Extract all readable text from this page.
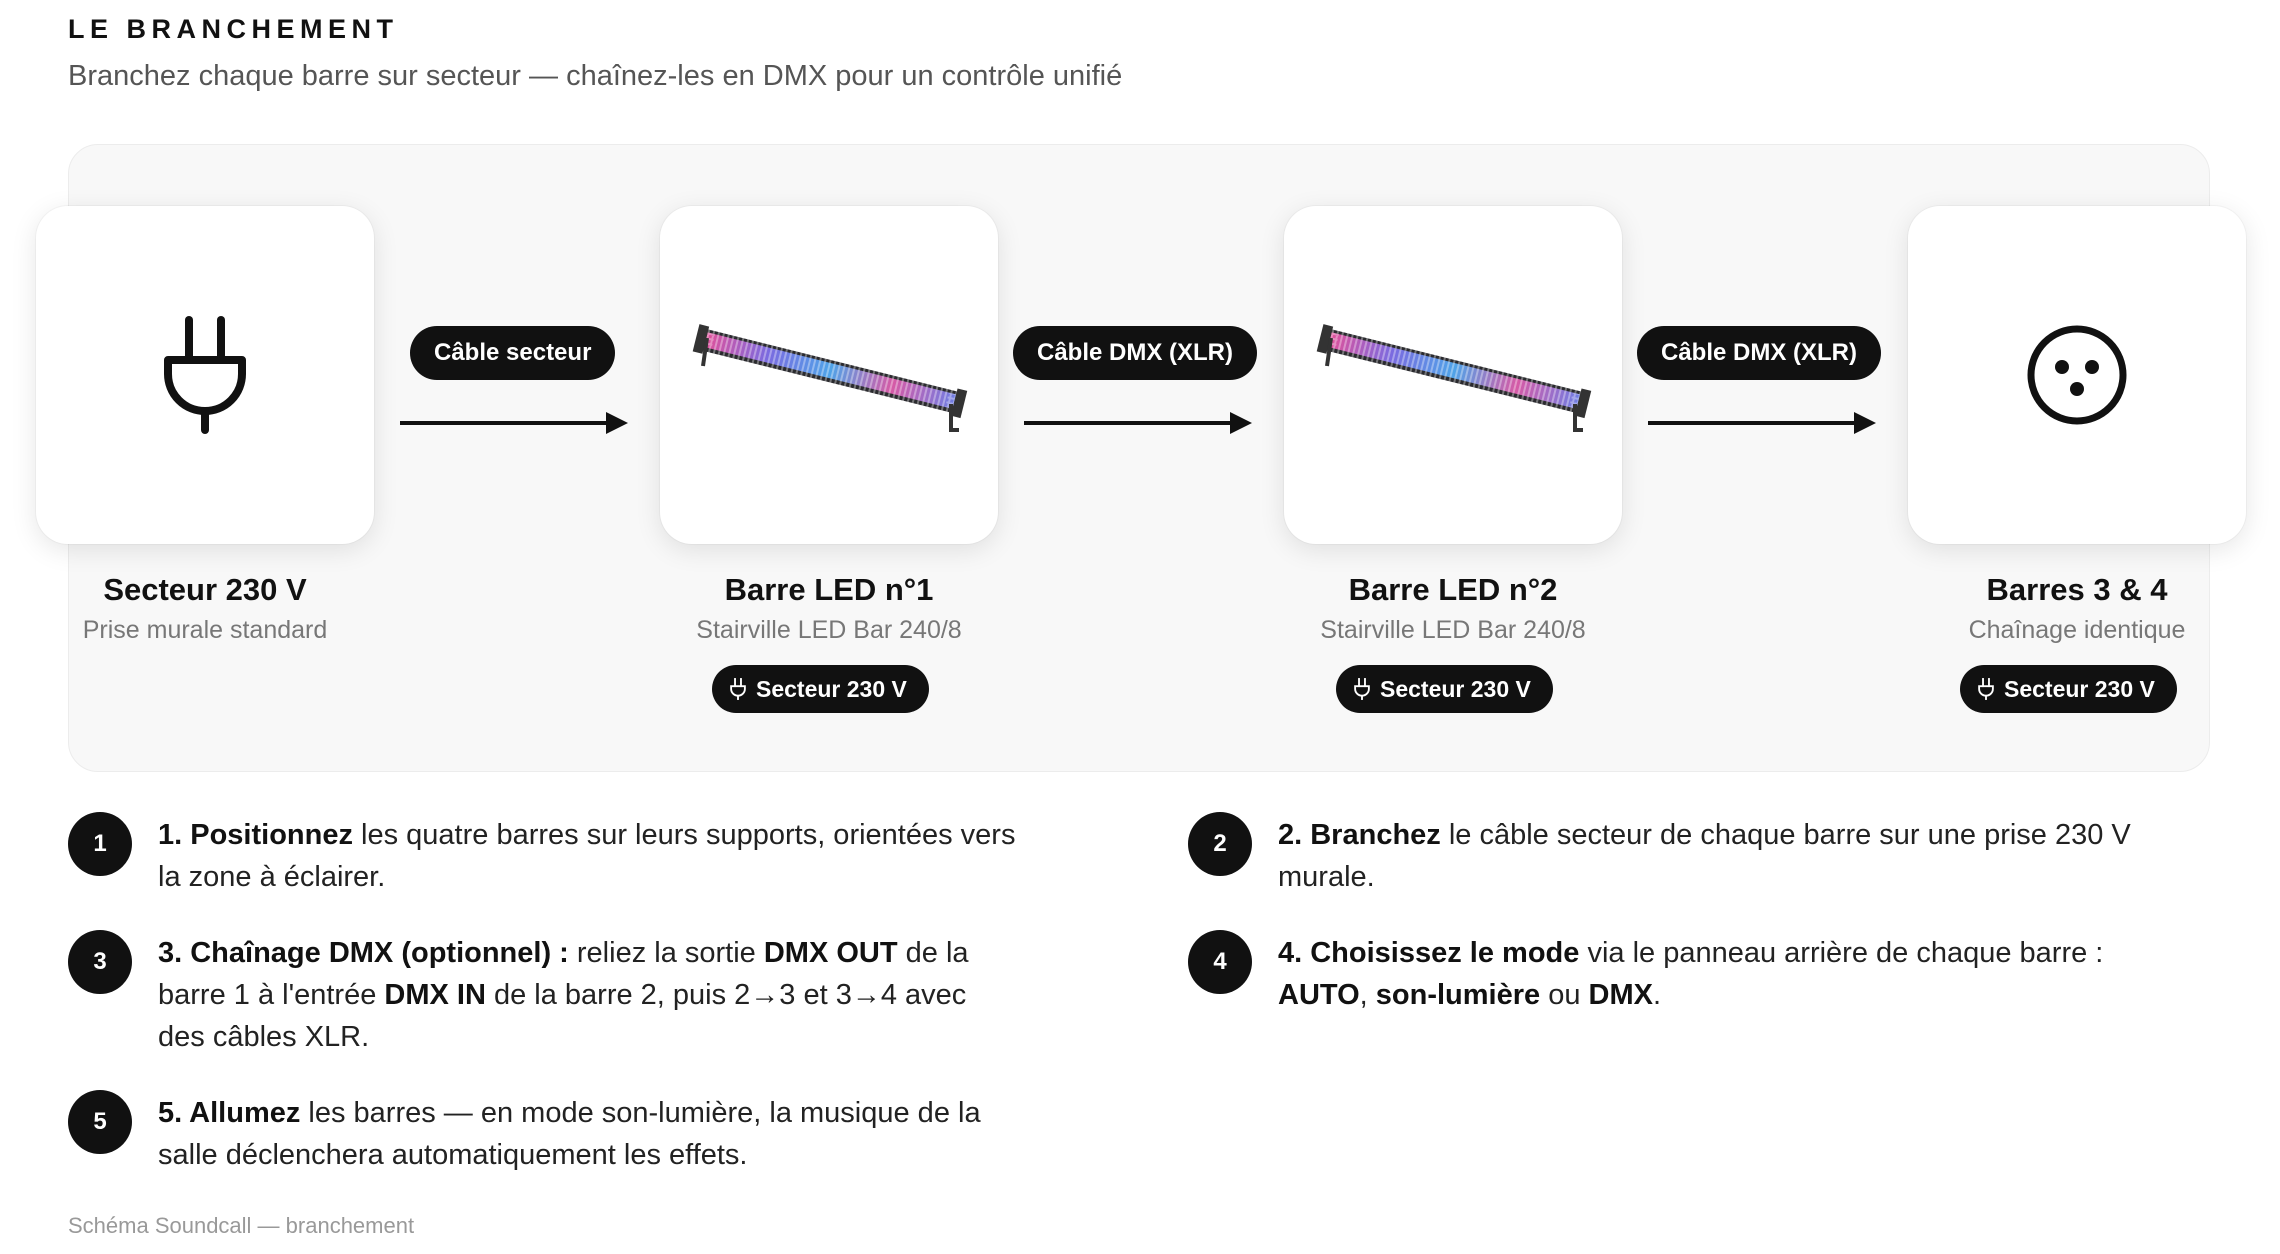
LE BRANCHEMENT
Branchez chaque barre sur secteur — chaînez-les en DMX pour un contrôle unifié
Secteur 230 V
Prise murale standard
Câble secteur
Barre LED n°1
Stairville LED Bar 240/8
Secteur 230 V
Câble DMX (XLR)
Barre LED n°2
Stairville LED Bar 240/8
Secteur 230 V
Câble DMX (XLR)
Barres 3 & 4
Chaînage identique
Secteur 230 V
1	1. Positionnez les quatre barres sur leurs supports, orientées vers la zone à éclairer.
2	2. Branchez le câble secteur de chaque barre sur une prise 230 V murale.
3	3. Chaînage DMX (optionnel) : reliez la sortie DMX OUT de la barre 1 à l'entrée DMX IN de la barre 2, puis 2→3 et 3→4 avec des câbles XLR.
4	4. Choisissez le mode via le panneau arrière de chaque barre : AUTO, son-lumière ou DMX.
5	5. Allumez les barres — en mode son-lumière, la musique de la salle déclenchera automatiquement les effets.
Schéma Soundcall — branchement
